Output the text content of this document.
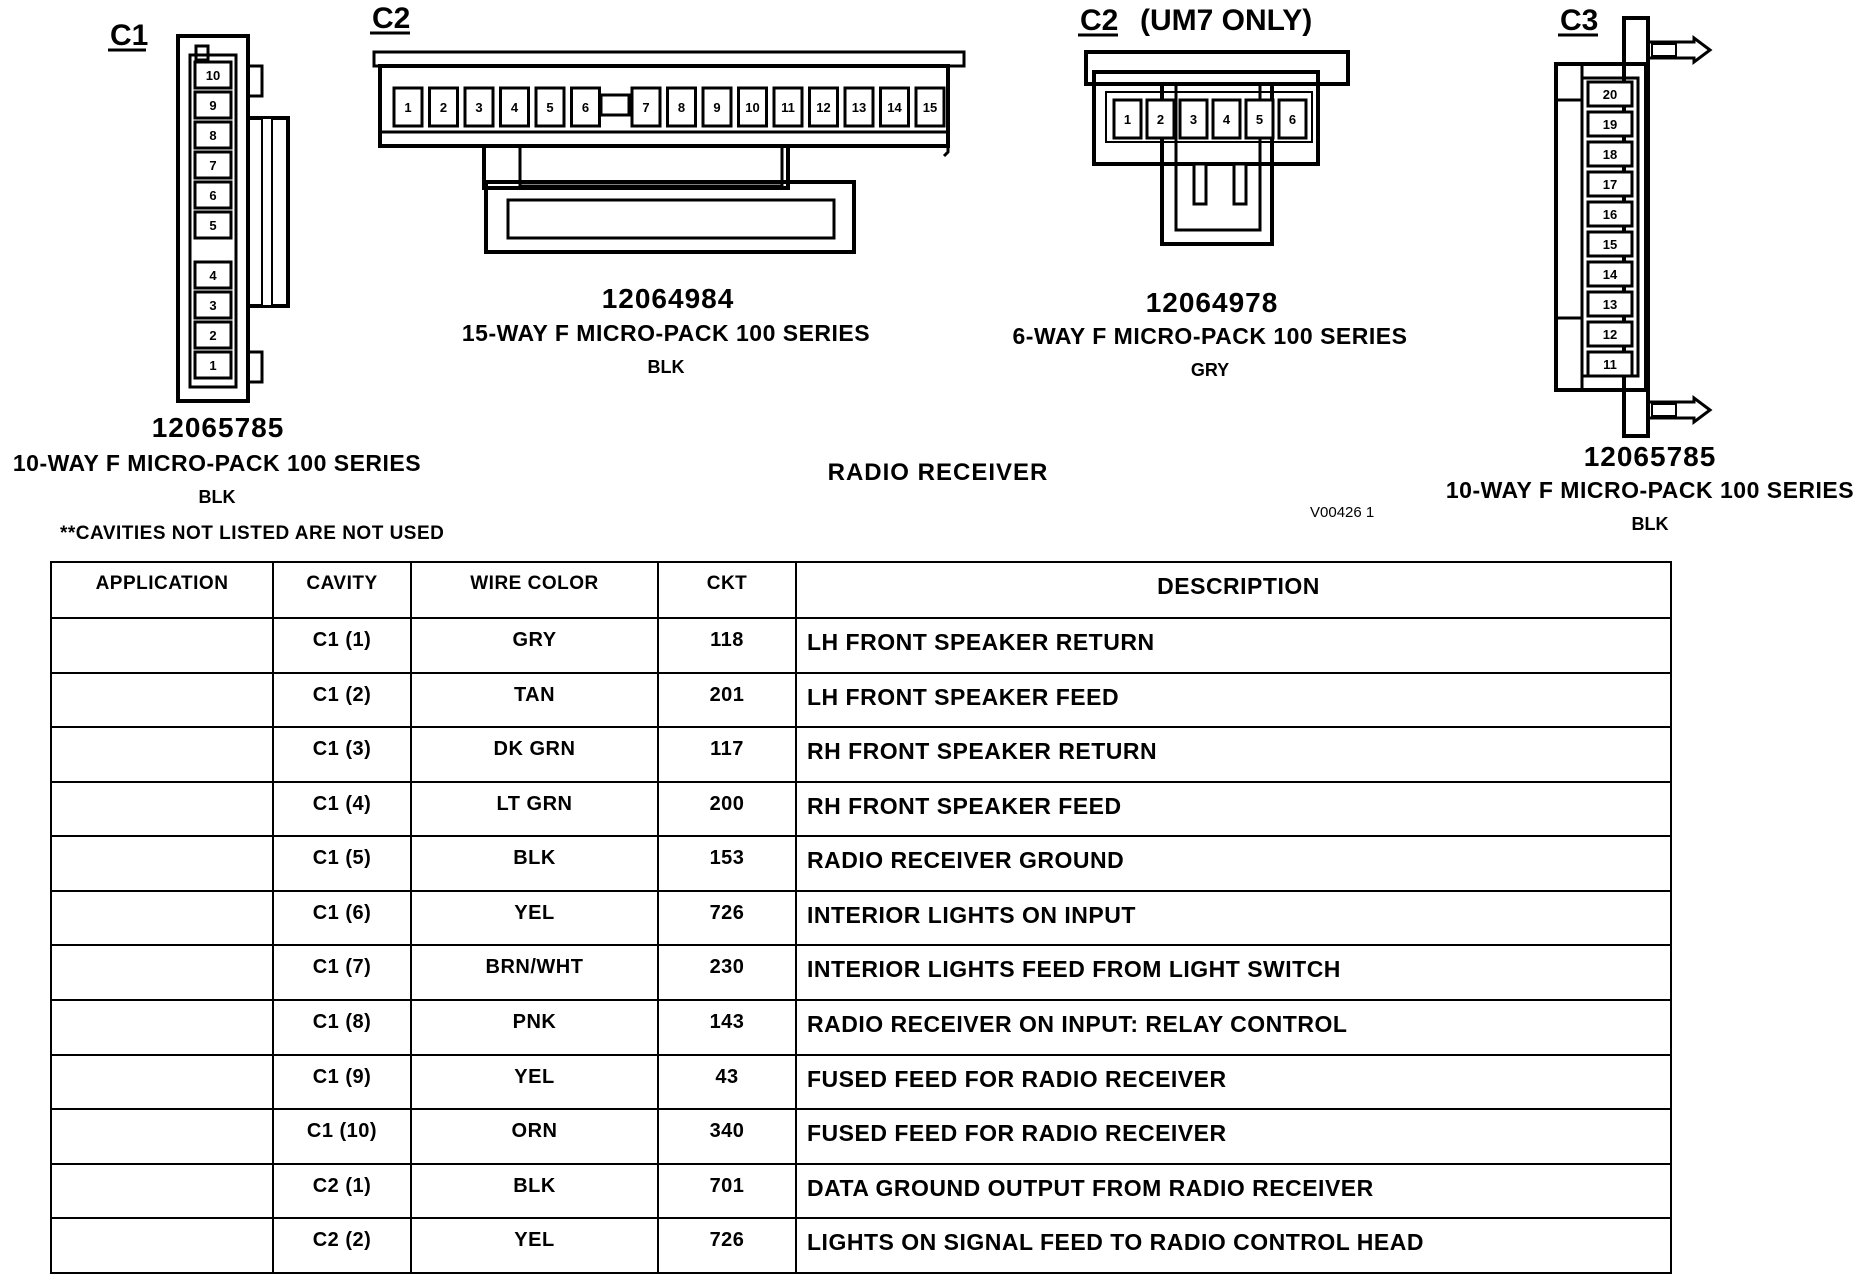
C1
10
9
8
7
6
5
4
3
2
1
12065785
10-WAY F MICRO-PACK 100 SERIES
BLK
C2
1 2 3 4 5 6	7 8 9 10 11 12 13 14 15
12064984
15-WAY F MICRO-PACK 100 SERIES
BLK
C2 (UM7 ONLY)
1 2 3 4 5 6
12064978
6-WAY F MICRO-PACK 100 SERIES
GRY
C3
20
19
18
17
16
15
14
13
12
11
12065785
10-WAY F MICRO-PACK 100 SERIES
BLK
RADIO RECEIVER
V00426 1
**CAVITIES NOT LISTED ARE NOT USED
APPLICATION	CAVITY	WIRE COLOR	CKT	DESCRIPTION
	C1 (1)	GRY	118	LH FRONT SPEAKER RETURN
	C1 (2)	TAN	201	LH FRONT SPEAKER FEED
	C1 (3)	DK GRN	117	RH FRONT SPEAKER RETURN
	C1 (4)	LT GRN	200	RH FRONT SPEAKER FEED
	C1 (5)	BLK	153	RADIO RECEIVER GROUND
	C1 (6)	YEL	726	INTERIOR LIGHTS ON INPUT
	C1 (7)	BRN/WHT	230	INTERIOR LIGHTS FEED FROM LIGHT SWITCH
	C1 (8)	PNK	143	RADIO RECEIVER ON INPUT: RELAY CONTROL
	C1 (9)	YEL	43	FUSED FEED FOR RADIO RECEIVER
	C1 (10)	ORN	340	FUSED FEED FOR RADIO RECEIVER
	C2 (1)	BLK	701	DATA GROUND OUTPUT FROM RADIO RECEIVER
	C2 (2)	YEL	726	LIGHTS ON SIGNAL FEED TO RADIO CONTROL HEAD
